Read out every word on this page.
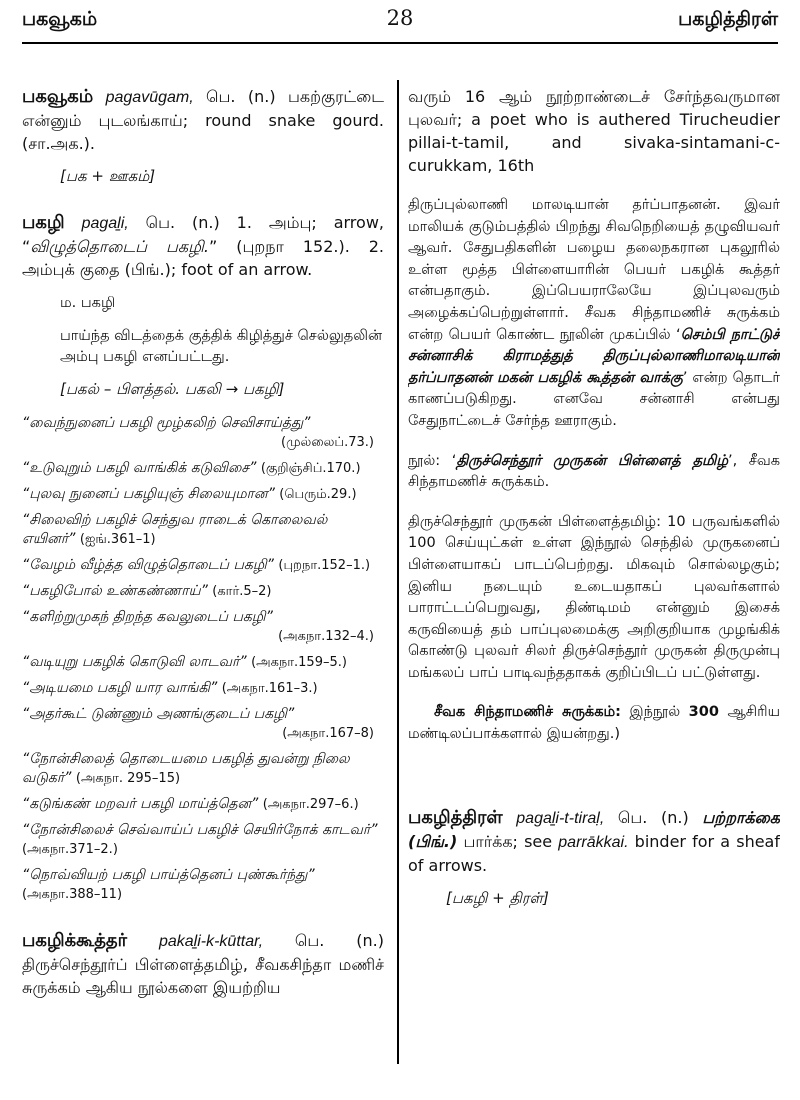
பகவூகம்	28	பகழித்திரள்

பகவூகம் pagavūgam, பெ. (n.) பகற்குரட்டை என்னும் புடலங்காய்; round snake gourd. (சா.அக.).

[பக + ஊகம்]

பகழி pagaḻi, பெ. (n.) 1. அம்பு; arrow, “விழுத்தொடைப் பகழி.” (புறநா 152.). 2. அம்புக் குதை (பிங்.); foot of an arrow.

ம. பகழி
பாய்ந்த விடத்தைக் குத்திக் கிழித்துச் செல்லுதலின் அம்பு பகழி எனப்பட்டது.
[பகல் – பிளத்தல். பகலி → பகழி]

“வைந்நுனைப் பகழி மூழ்கலிற் செவிசாய்த்து”
(முல்லைப்.73.)

“உடுவுறும் பகழி வாங்கிக் கடுவிசை” (குறிஞ்சிப்.170.)

“புலவு நுனைப் பகழியுஞ் சிலையுமான” (பெரும்.29.)

“சிலைவிற் பகழிச் செந்துவ ராடைக் கொலைவல் எயினர்” (ஐங்.361–1)

“வேழம் வீழ்த்த விழுத்தொடைப் பகழி” (புறநா.152–1.)

“பகழிபோல் உண்கண்ணாய்” (கார்.5–2)

“களிற்றுமுகந் திறந்த கவலுடைப் பகழி”
(அகநா.132–4.)

“வடியுறு பகழிக் கொடுவி லாடவர்” (அகநா.159–5.)

“அடியமை பகழி யார வாங்கி” (அகநா.161–3.)

“அதர்கூட் டுண்ணும் அணங்குடைப் பகழி”
(அகநா.167–8)

“நோன்சிலைத் தொடையமை பகழித் துவன்று நிலை வடுகர்” (அகநா. 295–15)

“கடுங்கண் மறவர் பகழி மாய்த்தென” (அகநா.297–6.)

“நோன்சிலைச் செவ்வாய்ப் பகழிச் செயிர்நோக் காடவர்” (அகநா.371–2.)

“நொவ்வியற் பகழி பாய்த்தெனப் புண்கூர்ந்து” (அகநா.388–11)

பகழிக்கூத்தர் pakaḻi-k-kūttar, பெ. (n.) திருச்செந்தூர்ப் பிள்ளைத்தமிழ், சீவகசிந்தா மணிச் சுருக்கம் ஆகிய நூல்களை இயற்றிய

வரும் 16 ஆம் நூற்றாண்டைச் சேர்ந்தவருமான புலவர்; a poet who is authered Tirucheudier pillai-t-tamil, and sivaka-sintamani-c-curukkam, 16th

திருப்புல்லாணி மாலடியான் தர்ப்பாதனன். இவர் மாலியக் குடும்பத்தில் பிறந்து சிவநெறியைத் தழுவியவர் ஆவர். சேதுபதிகளின் பழைய தலைநகரான புகலூரில் உள்ள மூத்த பிள்ளையாரின் பெயர் பகழிக் கூத்தர் என்பதாகும். இப்பெயராலேயே இப்புலவரும் அழைக்கப்பெற்றுள்ளார். சீவக சிந்தாமணிச் சுருக்கம் என்ற பெயர் கொண்ட நூலின் முகப்பில் ‘செம்பி நாட்டுச் சன்னாசிக் கிராமத்துத் திருப்புல்லாணிமாலடியான் தர்ப்பாதனன் மகன் பகழிக் கூத்தன் வாக்கு’ என்ற தொடர் காணப்படுகிறது. எனவே சன்னாசி என்பது சேதுநாட்டைச் சேர்ந்த ஊராகும்.

நூல்: ‘திருச்செந்தூர் முருகன் பிள்ளைத் தமிழ்’, சீவக சிந்தாமணிச் சுருக்கம்.

திருச்செந்தூர் முருகன் பிள்ளைத்தமிழ்: 10 பருவங்களில் 100 செய்யுட்கள் உள்ள இந்நூல் செந்தில் முருகனைப் பிள்ளையாகப் பாடப்பெற்றது. மிகவும் சொல்லழகும்; இனிய நடையும் உடையதாகப் புலவர்களால் பாராட்டப்பெறுவது, திண்டிமம் என்னும் இசைக் கருவியைத் தம் பாப்புலமைக்கு அறிகுறியாக முழங்கிக் கொண்டு புலவர் சிலர் திருச்செந்தூர் முருகன் திருமுன்பு மங்கலப் பாப் பாடிவந்ததாகக் குறிப்பிடப் பட்டுள்ளது.

சீவக சிந்தாமணிச் சுருக்கம்: இந்நூல் 300 ஆசிரிய மண்டிலப்பாக்களால் இயன்றது.)

பகழித்திரள் pagaḻi-t-tiraḷ, பெ. (n.) பற்றாக்கை (பிங்.) பார்க்க; see parrākkai. binder for a sheaf of arrows.

[பகழி + திரள்]
